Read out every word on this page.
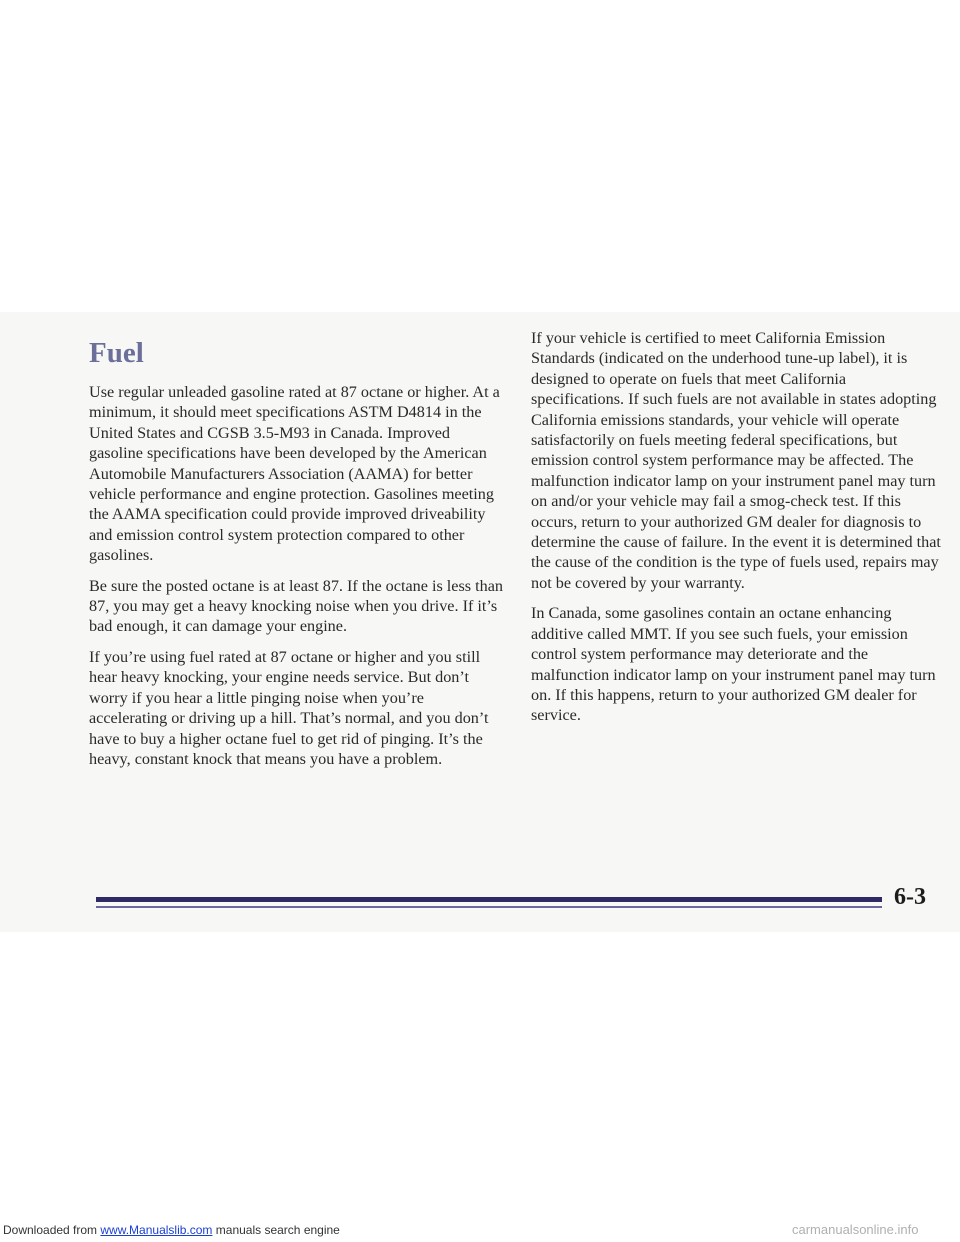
Fuel

Use regular unleaded gasoline rated at 87 octane or higher. At a minimum, it should meet specifications ASTM D4814 in the United States and CGSB 3.5-M93 in Canada. Improved gasoline specifications have been developed by the American Automobile Manufacturers Association (AAMA) for better vehicle performance and engine protection. Gasolines meeting the AAMA specification could provide improved driveability and emission control system protection compared to other gasolines.

Be sure the posted octane is at least 87. If the octane is less than 87, you may get a heavy knocking noise when you drive. If it’s bad enough, it can damage your engine.

If you’re using fuel rated at 87 octane or higher and you still hear heavy knocking, your engine needs service. But don’t worry if you hear a little pinging noise when you’re accelerating or driving up a hill. That’s normal, and you don’t have to buy a higher octane fuel to get rid of pinging. It’s the heavy, constant knock that means you have a problem.

If your vehicle is certified to meet California Emission Standards (indicated on the underhood tune-up label), it is designed to operate on fuels that meet California specifications. If such fuels are not available in states adopting California emissions standards, your vehicle will operate satisfactorily on fuels meeting federal specifications, but emission control system performance may be affected. The malfunction indicator lamp on your instrument panel may turn on and/or your vehicle may fail a smog-check test. If this occurs, return to your authorized GM dealer for diagnosis to determine the cause of failure. In the event it is determined that the cause of the condition is the type of fuels used, repairs may not be covered by your warranty.

In Canada, some gasolines contain an octane enhancing additive called MMT. If you see such fuels, your emission control system performance may deteriorate and the malfunction indicator lamp on your instrument panel may turn on. If this happens, return to your authorized GM dealer for service.

6-3
Downloaded from www.Manualslib.com manuals search engine	carmanualsonline.info
